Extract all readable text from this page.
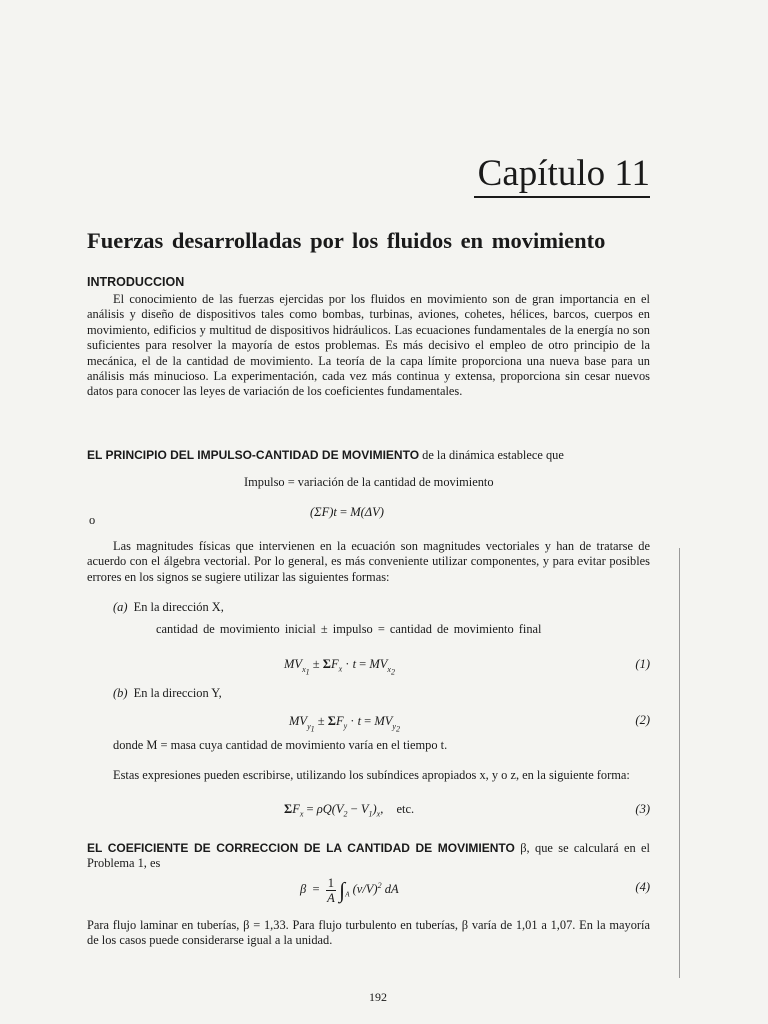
Capítulo 11
Fuerzas desarrolladas por los fluidos en movimiento
INTRODUCCION

El conocimiento de las fuerzas ejercidas por los fluidos en movimiento son de gran importancia en el análisis y diseño de dispositivos tales como bombas, turbinas, aviones, cohetes, hélices, barcos, cuerpos en movimiento, edificios y multitud de dispositivos hidráulicos. Las ecuaciones fundamentales de la energía no son suficientes para resolver la mayoría de estos problemas. Es más decisivo el empleo de otro principio de la mecánica, el de la cantidad de movimiento. La teoría de la capa límite proporciona una nueva base para un análisis más minucioso. La experimentación, cada vez más continua y extensa, proporciona sin cesar nuevos datos para conocer las leyes de variación de los coeficientes fundamentales.

EL PRINCIPIO DEL IMPULSO-CANTIDAD DE MOVIMIENTO de la dinámica establece que

Impulso = variación de la cantidad de movimiento
o
(ΣF)t = M(ΔV)

Las magnitudes físicas que intervienen en la ecuación son magnitudes vectoriales y han de tratarse de acuerdo con el álgebra vectorial. Por lo general, es más conveniente utilizar componentes, y para evitar posibles errores en los signos se sugiere utilizar las siguientes formas:

(a) En la dirección X,
cantidad de movimiento inicial ± impulso = cantidad de movimiento final
$MV_{x_1} \pm \Sigma F_x \cdot t = MV_{x_2}$
(1)
(b) En la direccion Y,
$MV_{y_1} \pm \Sigma F_y \cdot t = MV_{y_2}$
(2)
donde M = masa cuya cantidad de movimiento varía en el tiempo t.

Estas expresiones pueden escribirse, utilizando los subíndices apropiados x, y o z, en la siguiente forma:

$\Sigma F_x = \rho Q(V_2 - V_1)_x$, etc.	(3)

EL COEFICIENTE DE CORRECCION DE LA CANTIDAD DE MOVIMIENTO β, que se calculará en el Problema 1, es

$\beta = \frac{1}{A} \int_A$ $(v/V)^2$ dA	(4)

Para flujo laminar en tuberías, β = 1,33. Para flujo turbulento en tuberías, β varía de 1,01 a 1,07. En la mayoría de los casos puede considerarse igual a la unidad.

192
